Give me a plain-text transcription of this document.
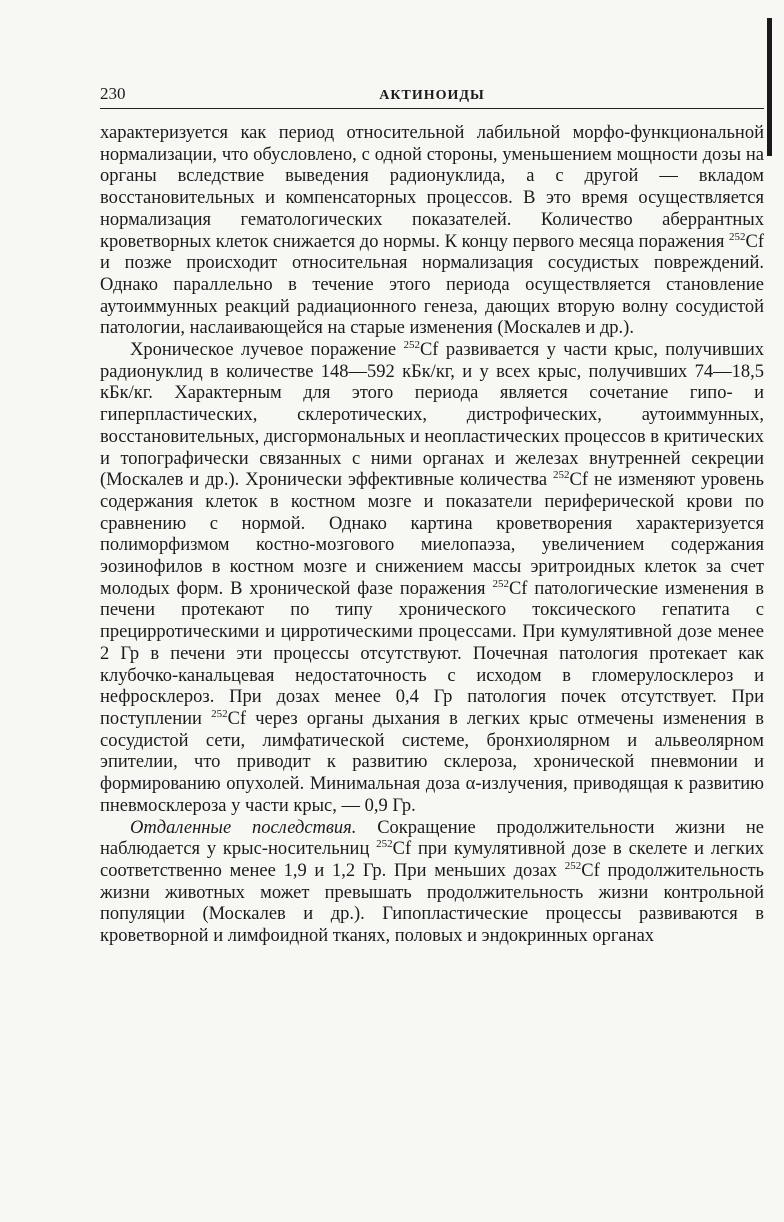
230	АКТИНОИДЫ

характеризуется как период относительной лабильной морфо-функциональной нормализации, что обусловлено, с одной стороны, уменьшением мощности дозы на органы вследствие выведения радионуклида, а с другой — вкладом восстановительных и компенсаторных процессов. В это время осуществляется нормализация гематологических показателей. Количество аберрантных кроветворных клеток снижается до нормы. К концу первого месяца поражения $^{252}$Cf и позже происходит относительная нормализация сосудистых повреждений. Однако параллельно в течение этого периода осуществляется становление аутоиммунных реакций радиационного генеза, дающих вторую волну сосудистой патологии, наслаивающейся на старые изменения (Москалев и др.).

Хроническое лучевое поражение $^{252}$Cf развивается у части крыс, получивших радионуклид в количестве 148—592 кБк/кг, и у всех крыс, получивших 74—18,5 кБк/кг. Характерным для этого периода является сочетание гипо- и гиперпластических, склеротических, дистрофических, аутоиммунных, восстановительных, дисгормональных и неопластических процессов в критических и топографически связанных с ними органах и железах внутренней секреции (Москалев и др.). Хронически эффективные количества $^{252}$Cf не изменяют уровень содержания клеток в костном мозге и показатели периферической крови по сравнению с нормой. Однако картина кроветворения характеризуется полиморфизмом костно-мозгового миелопаэза, увеличением содержания эозинофилов в костном мозге и снижением массы эритроидных клеток за счет молодых форм. В хронической фазе поражения $^{252}$Cf патологические изменения в печени протекают по типу хронического токсического гепатита с прецирротическими и цирротическими процессами. При кумулятивной дозе менее 2 Гр в печени эти процессы отсутствуют. Почечная патология протекает как клубочко-канальцевая недостаточность с исходом в гломерулосклероз и нефросклероз. При дозах менее 0,4 Гр патология почек отсутствует. При поступлении $^{252}$Cf через органы дыхания в легких крыс отмечены изменения в сосудистой сети, лимфатической системе, бронхиолярном и альвеолярном эпителии, что приводит к развитию склероза, хронической пневмонии и формированию опухолей. Минимальная доза α-излучения, приводящая к развитию пневмосклероза у части крыс, — 0,9 Гр.

Отдаленные последствия. Сокращение продолжительности жизни не наблюдается у крыс-носительниц $^{252}$Cf при кумулятивной дозе в скелете и легких соответственно менее 1,9 и 1,2 Гр. При меньших дозах $^{252}$Cf продолжительность жизни животных может превышать продолжительность жизни контрольной популяции (Москалев и др.). Гипопластические процессы развиваются в кроветворной и лимфоидной тканях, половых и эндокринных органах
